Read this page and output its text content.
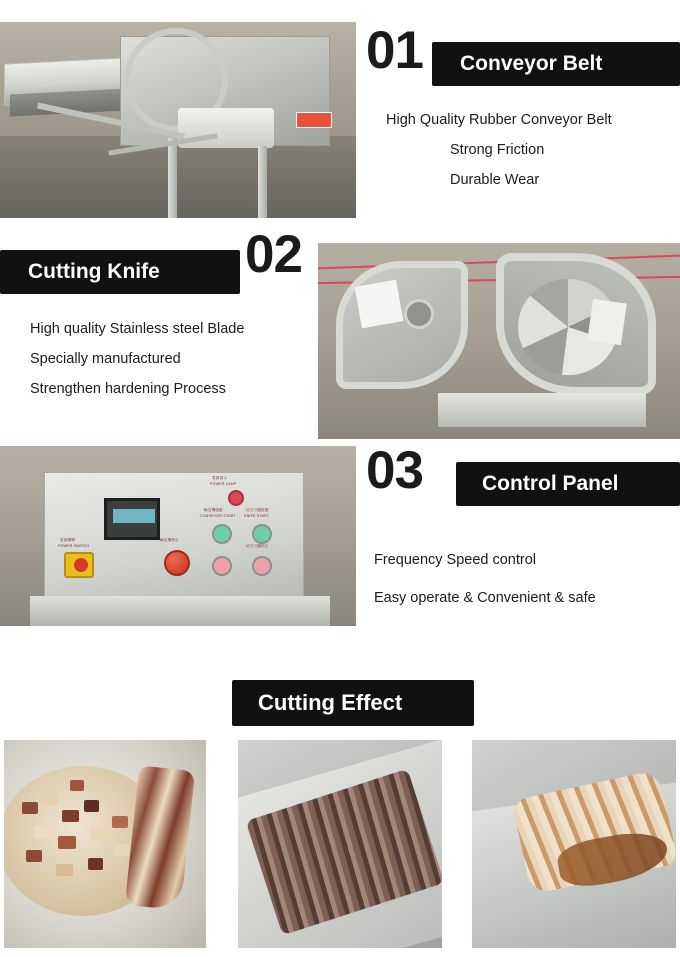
01 Conveyor Belt
High Quality Rubber Conveyor Belt
Strong Friction
Durable Wear
02
Cutting Knife
High quality Stainless steel Blade
Specially manufactured
Strengthen hardening Process
電源指示
POWER LAMP
電源開關
POWER SWITCH
輸送機啟動
CONVEYOR START
切刀刀盤啟動
KNIFE START
輸送機停止
切刀刀盤停止
03	Control Panel
Frequency Speed control
Easy operate & Convenient & safe
Cutting Effect
